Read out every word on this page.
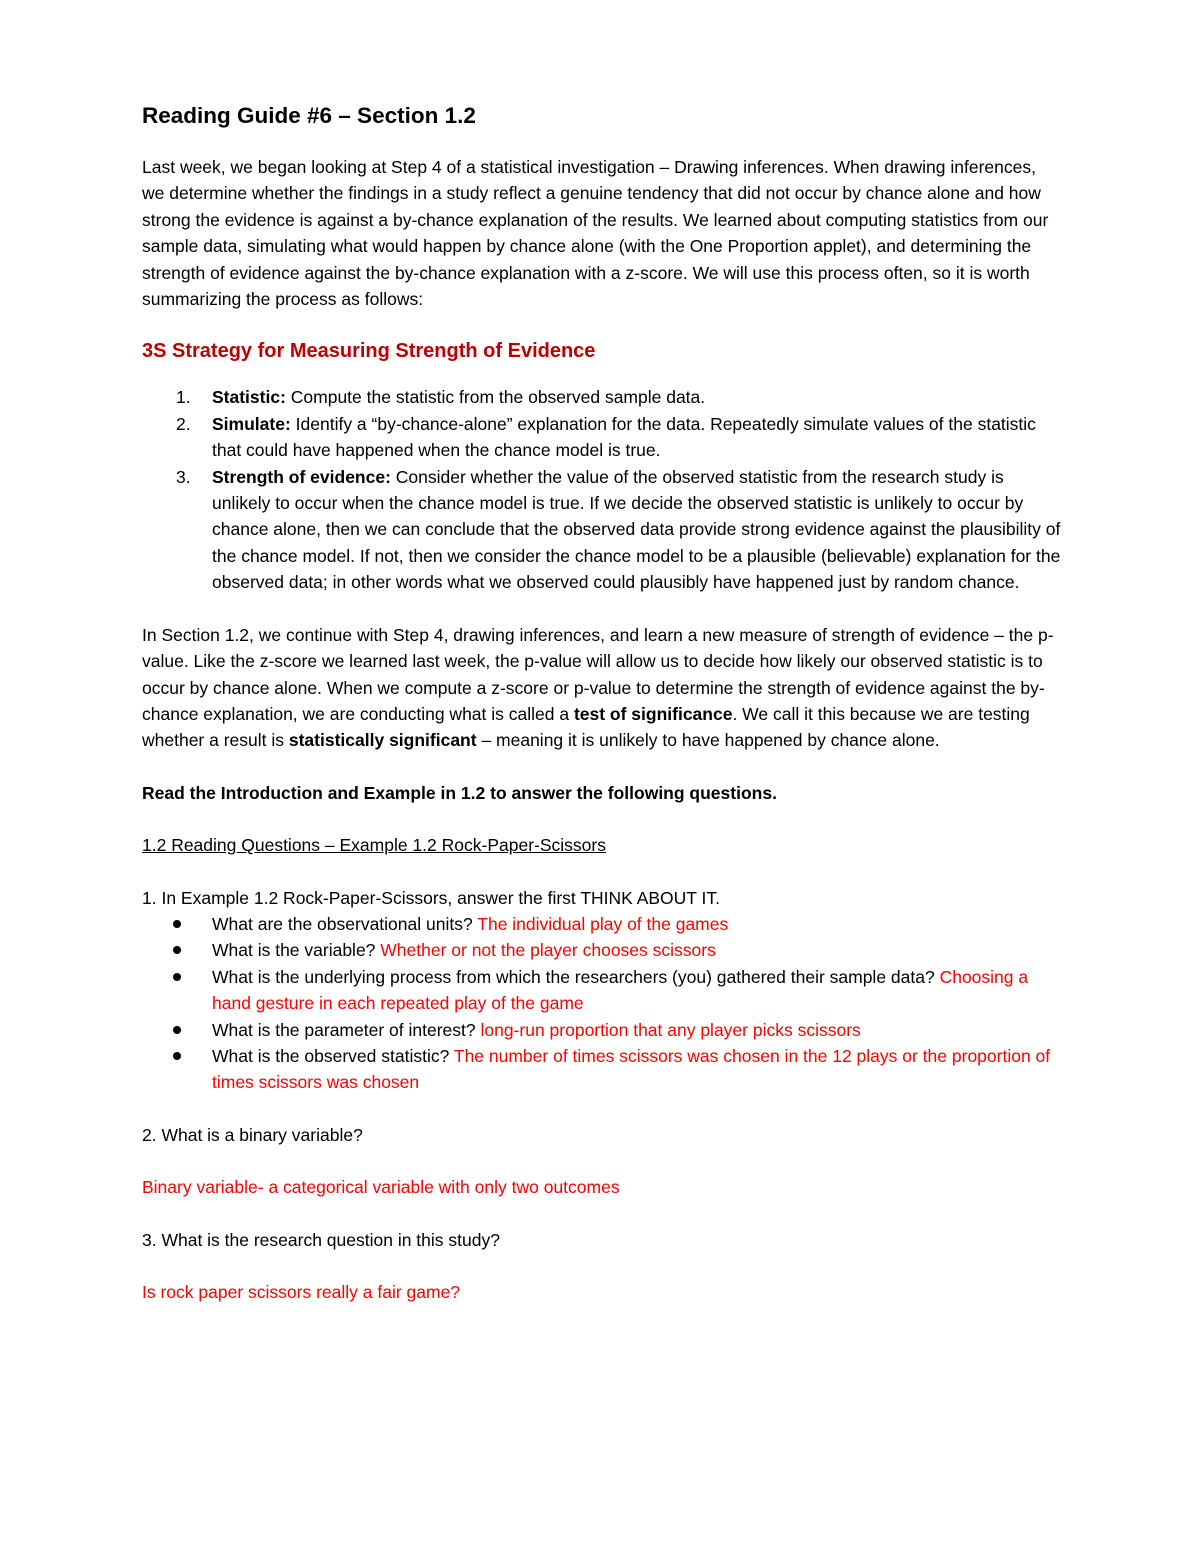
Reading Guide #6 – Section 1.2

Last week, we began looking at Step 4 of a statistical investigation – Drawing inferences. When drawing inferences, we determine whether the findings in a study reflect a genuine tendency that did not occur by chance alone and how strong the evidence is against a by-chance explanation of the results. We learned about computing statistics from our sample data, simulating what would happen by chance alone (with the One Proportion applet), and determining the strength of evidence against the by-chance explanation with a z-score. We will use this process often, so it is worth summarizing the process as follows:

3S Strategy for Measuring Strength of Evidence

1. Statistic: Compute the statistic from the observed sample data.
2. Simulate: Identify a “by-chance-alone” explanation for the data. Repeatedly simulate values of the statistic that could have happened when the chance model is true.
3. Strength of evidence: Consider whether the value of the observed statistic from the research study is unlikely to occur when the chance model is true. If we decide the observed statistic is unlikely to occur by chance alone, then we can conclude that the observed data provide strong evidence against the plausibility of the chance model. If not, then we consider the chance model to be a plausible (believable) explanation for the observed data; in other words what we observed could plausibly have happened just by random chance.

In Section 1.2, we continue with Step 4, drawing inferences, and learn a new measure of strength of evidence – the p-value. Like the z-score we learned last week, the p-value will allow us to decide how likely our observed statistic is to occur by chance alone. When we compute a z-score or p-value to determine the strength of evidence against the by-chance explanation, we are conducting what is called a test of significance. We call it this because we are testing whether a result is statistically significant – meaning it is unlikely to have happened by chance alone.

Read the Introduction and Example in 1.2 to answer the following questions.

1.2 Reading Questions – Example 1.2 Rock-Paper-Scissors

1. In Example 1.2 Rock-Paper-Scissors, answer the first THINK ABOUT IT.

What are the observational units? The individual play of the games
What is the variable? Whether or not the player chooses scissors
What is the underlying process from which the researchers (you) gathered their sample data? Choosing a hand gesture in each repeated play of the game
What is the parameter of interest? long-run proportion that any player picks scissors
What is the observed statistic? The number of times scissors was chosen in the 12 plays or the proportion of times scissors was chosen

2. What is a binary variable?

Binary variable- a categorical variable with only two outcomes

3. What is the research question in this study?

Is rock paper scissors really a fair game?
